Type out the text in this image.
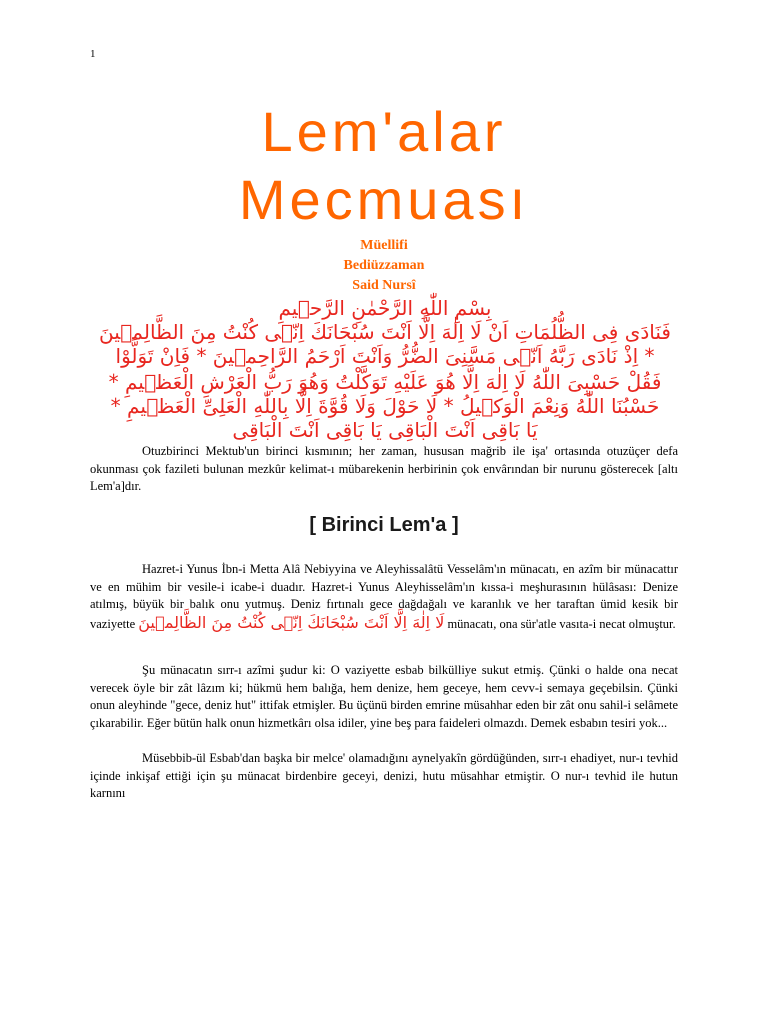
1
Lem'alar
Mecmuası
Müellifi
Bediüzzaman
Said Nursî
بِسْمِ اللّٰهِ الرَّحْمٰنِ الرَّح۪يمِ
فَنَادَى فِى الظُّلُمَاتِ اَنْ لَا اِلٰهَ اِلَّا اَنْتَ سُبْحَانَكَ اِنّ۪ى كُنْتُ مِنَ الظَّالِم۪ينَ
* اِذْ نَادَى رَبَّهُ اَنّ۪ى مَسَّنِىَ الضُّرُّ وَاَنْتَ اَرْحَمُ الرَّاحِم۪ينَ * فَاِنْ تَوَلَّوْا
فَقُلْ حَسْبِىَ اللّٰهُ لَا اِلٰهَ اِلَّا هُوَ عَلَيْهِ تَوَكَّلْتُ وَهُوَ رَبُّ الْعَرْشِ الْعَظ۪يمِ *
حَسْبُنَا اللّٰهُ وَنِعْمَ الْوَك۪يلُ * لَا حَوْلَ وَلَا قُوَّةَ اِلَّا بِاللّٰهِ الْعَلِىِّ الْعَظ۪يمِ *
يَا بَاقِى اَنْتَ الْبَاقِى يَا بَاقِى اَنْتَ الْبَاقِى
Otuzbirinci Mektub'un birinci kısmının; her zaman, hususan mağrib ile işa' ortasında otuzüçer defa okunması çok fazileti bulunan mezkûr kelimat-ı mübarekenin herbirinin çok envârından bir nurunu gösterecek [altı Lem'a]dır.
[ Birinci Lem'a ]
Hazret-i Yunus İbn-i Metta Alâ Nebiyyina ve Aleyhissalâtü Vesselâm'ın münacatı, en azîm bir münacattır ve en mühim bir vesile-i icabe-i duadır. Hazret-i Yunus Aleyhisselâm'ın kıssa-i meşhurasının hülâsası: Denize atılmış, büyük bir balık onu yutmuş. Deniz fırtınalı gece dağdağalı ve karanlık ve her taraftan ümid kesik bir vaziyette لَا اِلٰهَ اِلَّا اَنْتَ سُبْحَانَكَ اِنّ۪ى كُنْتُ مِنَ الظَّالِم۪ينَ münacatı, ona sür'atle vasıta-i necat olmuştur.
Şu münacatın sırr-ı azîmi şudur ki: O vaziyette esbab bilkülliye sukut etmiş. Çünki o halde ona necat verecek öyle bir zât lâzım ki; hükmü hem balığa, hem denize, hem geceye, hem cevv-i semaya geçebilsin. Çünki onun aleyhinde "gece, deniz hut" ittifak etmişler. Bu üçünü birden emrine müsahhar eden bir zât onu sahil-i selâmete çıkarabilir. Eğer bütün halk onun hizmetkârı olsa idiler, yine beş para faideleri olmazdı. Demek esbabın tesiri yok...
Müsebbib-ül Esbab'dan başka bir melce' olamadığını aynelyakîn gördüğünden, sırr-ı ehadiyet, nur-ı tevhid içinde inkişaf ettiği için şu münacat birdenbire geceyi, denizi, hutu müsahhar etmiştir. O nur-ı tevhid ile hutun karnını
